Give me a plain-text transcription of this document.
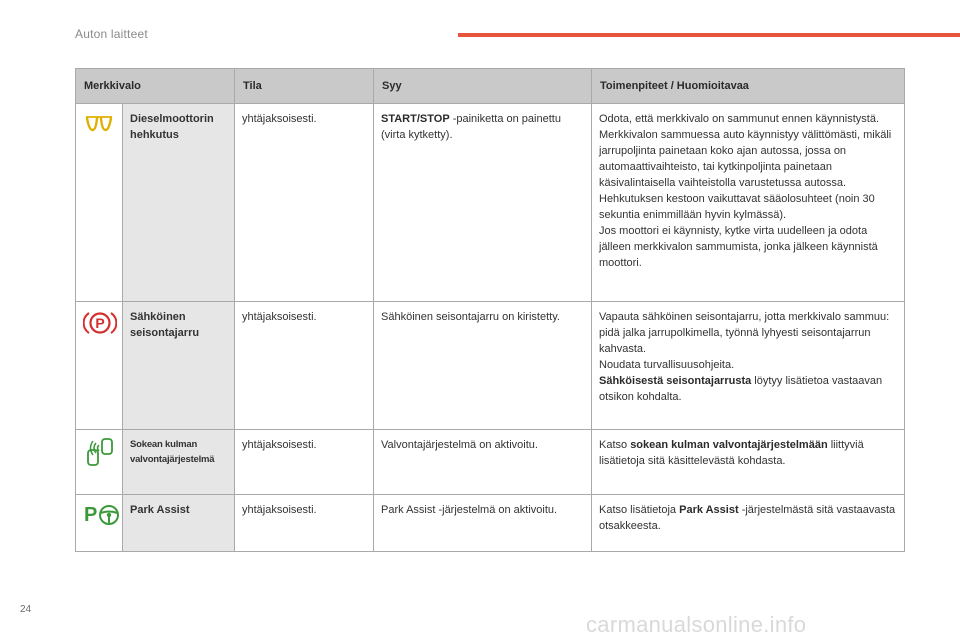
Auton laitteet
Merkkivalo		Tila	Syy	Toimenpiteet / Huomioitavaa
	Dieselmoottorin hehkutus	yhtäjaksoisesti.	START/STOP -painiketta on painettu (virta kytketty).	Odota, että merkkivalo on sammunut ennen käynnistystä.
Merkkivalon sammuessa auto käynnistyy välittömästi, mikäli jarrupoljinta painetaan koko ajan autossa, jossa on automaattivaihteisto, tai kytkinpoljinta painetaan käsivalintaisella vaihteistolla varustetussa autossa.
Hehkutuksen kestoon vaikuttavat sääolosuhteet (noin 30 sekuntia enimmillään hyvin kylmässä).
Jos moottori ei käynnisty, kytke virta uudelleen ja odota jälleen merkkivalon sammumista, jonka jälkeen käynnistä moottori.

P	Sähköinen seisontajarru	yhtäjaksoisesti.	Sähköinen seisontajarru on kiristetty.	Vapauta sähköinen seisontajarru, jotta merkkivalo sammuu: pidä jalka jarrupolkimella, työnnä lyhyesti seisontajarrun kahvasta.
Noudata turvallisuusohjeita.
Sähköisestä seisontajarrusta löytyy lisätietoa vastaavan otsikon kohdalta.

	Sokean kulman valvontajärjestelmä	yhtäjaksoisesti.	Valvontajärjestelmä on aktivoitu.	Katso sokean kulman valvontajärjestelmään liittyviä lisätietoja sitä käsittelevästä kohdasta.

P	Park Assist	yhtäjaksoisesti.	Park Assist -järjestelmä on aktivoitu.	Katso lisätietoja Park Assist -järjestelmästä sitä vastaavasta otsakkeesta.
24
carmanualsonline.info
